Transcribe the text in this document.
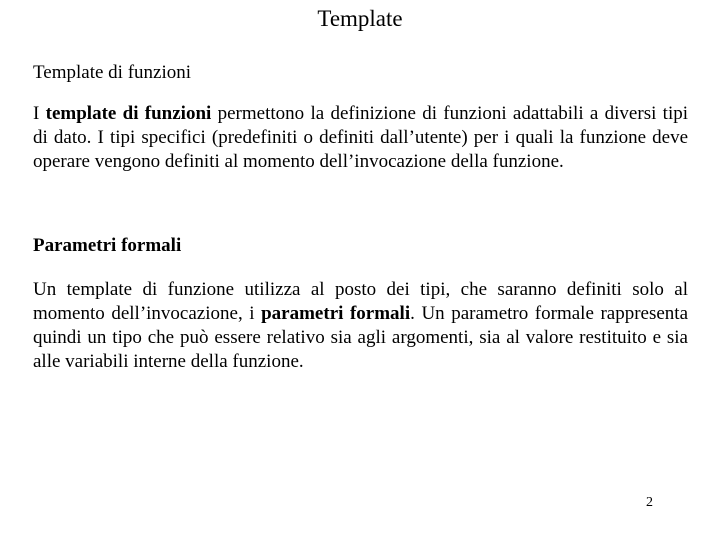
Template
Template di funzioni
I template di funzioni permettono la definizione di funzioni adattabili a diversi tipi di dato. I tipi specifici (predefiniti o definiti dall’utente) per i quali la funzione deve operare vengono definiti al momento dell’invocazione della funzione.
Parametri formali
Un template di funzione utilizza al posto dei tipi, che saranno definiti solo al momento dell’invocazione, i parametri formali. Un parametro formale rappresenta quindi un tipo che può essere relativo sia agli argomenti, sia al valore restituito e sia alle variabili interne della funzione.
2
